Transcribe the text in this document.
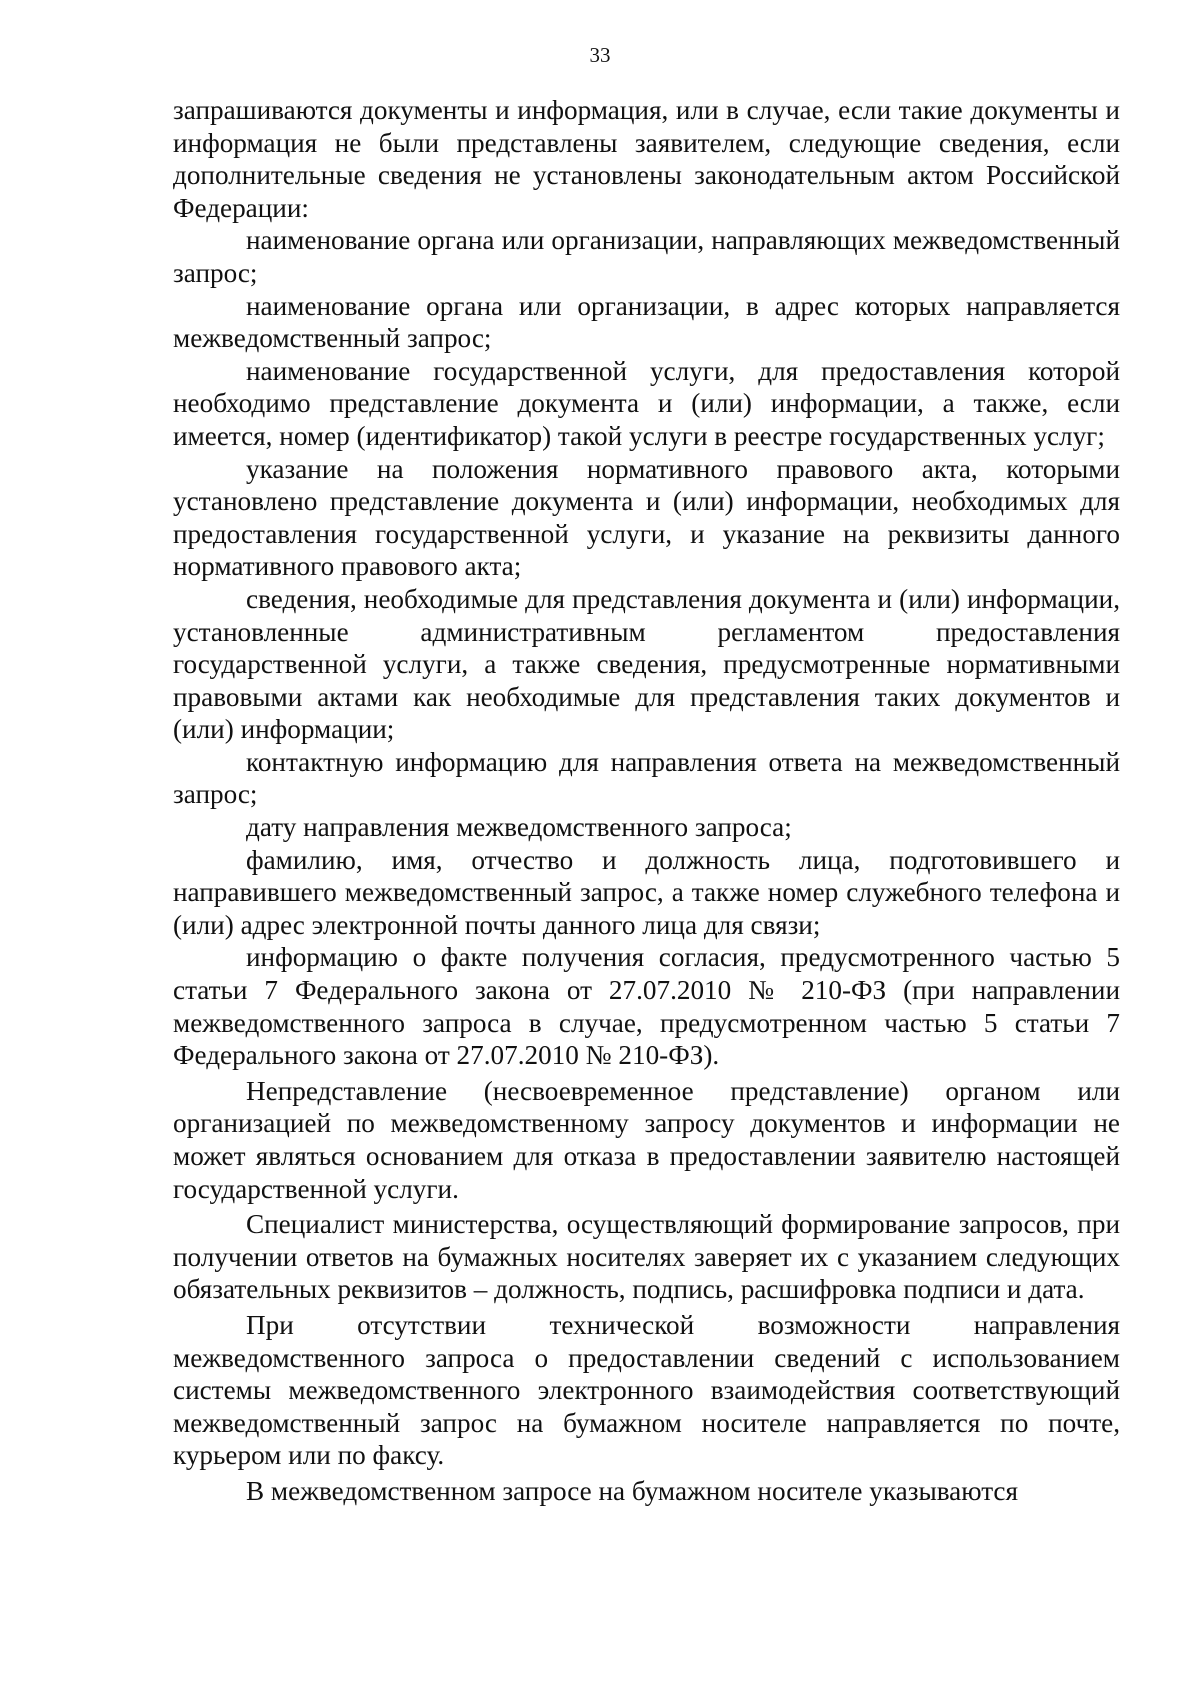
33

запрашиваются документы и информация, или в случае, если такие документы и информация не были представлены заявителем, следующие сведения, если дополнительные сведения не установлены законодательным актом Российской Федерации:

наименование органа или организации, направляющих межведомственный запрос;

наименование органа или организации, в адрес которых направляется межведомственный запрос;

наименование государственной услуги, для предоставления которой необходимо представление документа и (или) информации, а также, если имеется, номер (идентификатор) такой услуги в реестре государственных услуг;

указание на положения нормативного правового акта, которыми установлено представление документа и (или) информации, необходимых для предоставления государственной услуги, и указание на реквизиты данного нормативного правового акта;

сведения, необходимые для представления документа и (или) информации, установленные административным регламентом предоставления государственной услуги, а также сведения, предусмотренные нормативными правовыми актами как необходимые для представления таких документов и (или) информации;

контактную информацию для направления ответа на межведомственный запрос;

дату направления межведомственного запроса;

фамилию, имя, отчество и должность лица, подготовившего и направившего межведомственный запрос, а также номер служебного телефона и (или) адрес электронной почты данного лица для связи;

информацию о факте получения согласия, предусмотренного частью 5 статьи 7 Федерального закона от 27.07.2010 № 210-ФЗ (при направлении межведомственного запроса в случае, предусмотренном частью 5 статьи 7 Федерального закона от 27.07.2010 № 210-ФЗ).

Непредставление (несвоевременное представление) органом или организацией по межведомственному запросу документов и информации не может являться основанием для отказа в предоставлении заявителю настоящей государственной услуги.

Специалист министерства, осуществляющий формирование запросов, при получении ответов на бумажных носителях заверяет их с указанием следующих обязательных реквизитов – должность, подпись, расшифровка подписи и дата.

При отсутствии технической возможности направления межведомственного запроса о предоставлении сведений с использованием системы межведомственного электронного взаимодействия соответствующий межведомственный запрос на бумажном носителе направляется по почте, курьером или по факсу.

В межведомственном запросе на бумажном носителе указываются
